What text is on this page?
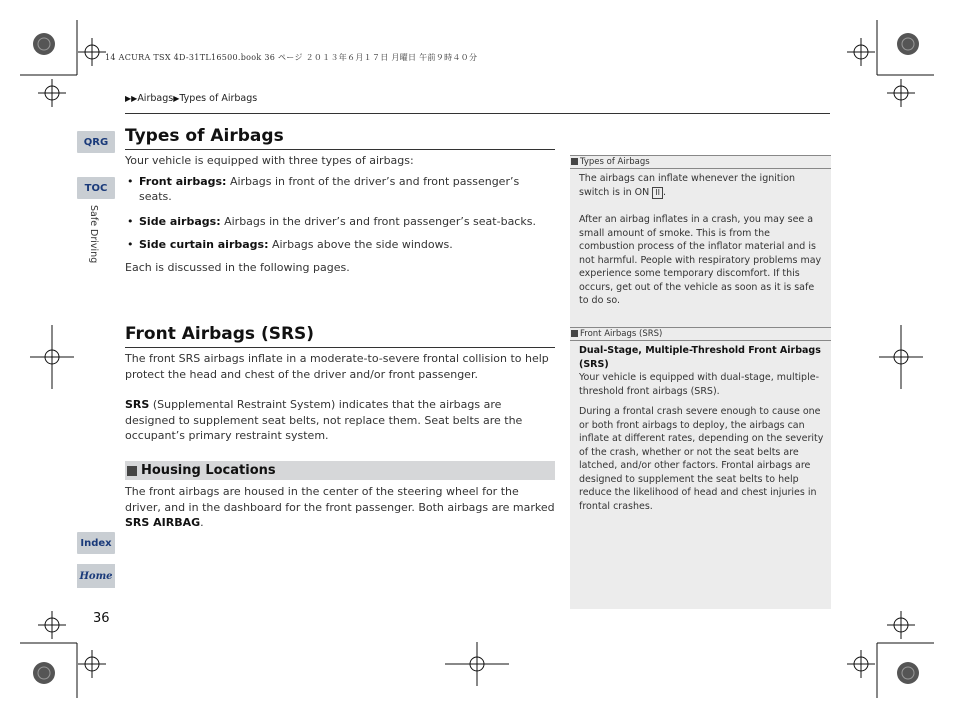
14 ACURA TSX 4D-31TL16500.book 36 ページ ２０１３年６月１７日 月曜日 午前９時４０分
▶▶Airbags▶Types of Airbags
QRG
TOC
Safe Driving
Index
Home
36
Types of Airbags
Your vehicle is equipped with three types of airbags:
• Front airbags: Airbags in front of the driver’s and front passenger’s seats.
• Side airbags: Airbags in the driver’s and front passenger’s seat-backs.
• Side curtain airbags: Airbags above the side windows.
Each is discussed in the following pages.
Front Airbags (SRS)
The front SRS airbags inflate in a moderate-to-severe frontal collision to help protect the head and chest of the driver and/or front passenger.
SRS (Supplemental Restraint System) indicates that the airbags are designed to supplement seat belts, not replace them. Seat belts are the occupant’s primary restraint system.
Housing Locations
The front airbags are housed in the center of the steering wheel for the driver, and in the dashboard for the front passenger. Both airbags are marked SRS AIRBAG.
Types of Airbags
The airbags can inflate whenever the ignition switch is in ON II .
After an airbag inflates in a crash, you may see a small amount of smoke. This is from the combustion process of the inflator material and is not harmful. People with respiratory problems may experience some temporary discomfort. If this occurs, get out of the vehicle as soon as it is safe to do so.
Front Airbags (SRS)
Dual-Stage, Multiple-Threshold Front Airbags (SRS)
Your vehicle is equipped with dual-stage, multiple-threshold front airbags (SRS).
During a frontal crash severe enough to cause one or both front airbags to deploy, the airbags can inflate at different rates, depending on the severity of the crash, whether or not the seat belts are latched, and/or other factors. Frontal airbags are designed to supplement the seat belts to help reduce the likelihood of head and chest injuries in frontal crashes.
